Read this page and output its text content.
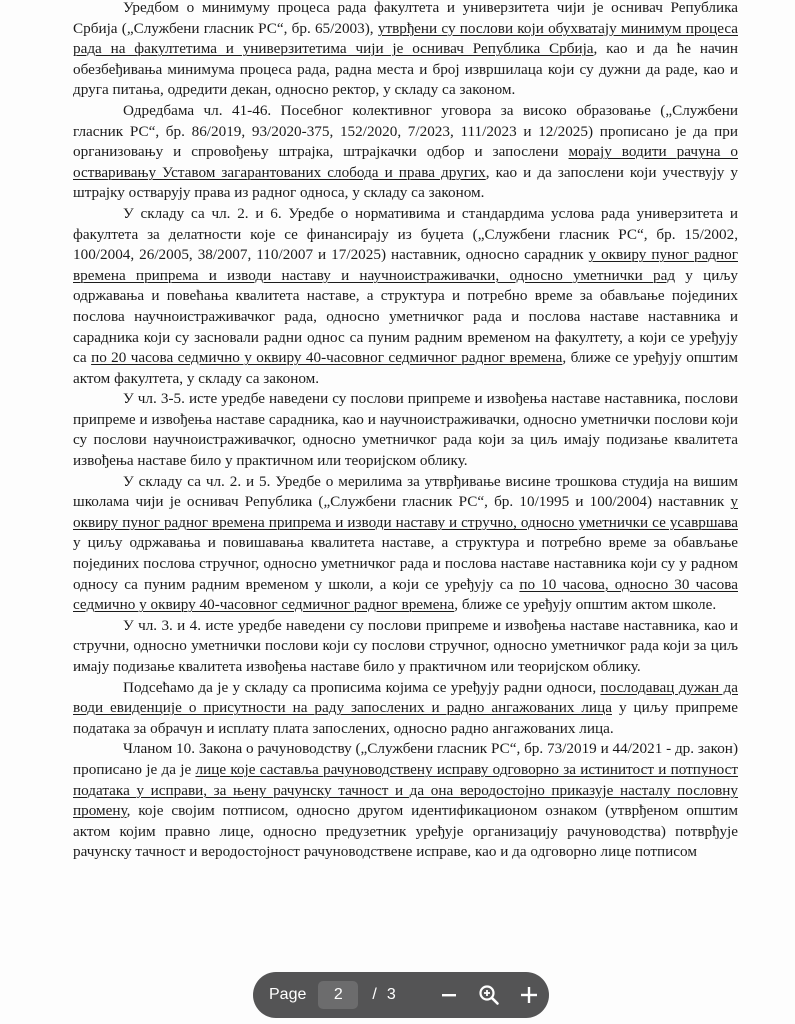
Уредбом о минимуму процеса рада факултета и универзитета чији је оснивач Република Србија („Службени гласник РС“, бр. 65/2003), утврђени су послови који обухватају минимум процеса рада на факултетима и универзитетима чији је оснивач Република Србија, као и да ће начин обезбеђивања минимума процеса рада, радна места и број извршилаца који су дужни да раде, као и друга питања, одредити декан, односно ректор, у складу са законом.

Одредбама чл. 41-46. Посебног колективног уговора за високо образовање („Службени гласник РС“, бр. 86/2019, 93/2020-375, 152/2020, 7/2023, 111/2023 и 12/2025) прописано је да при организовању и спровођењу штрајка, штрајкачки одбор и запослени морају водити рачуна о остваривању Уставом загарантованих слобода и права других, као и да запослени који учествују у штрајку остварују права из радног односа, у складу са законом.

У складу са чл. 2. и 6. Уредбе о нормативима и стандардима услова рада универзитета и факултета за делатности које се финансирају из буџета („Службени гласник РС“, бр. 15/2002, 100/2004, 26/2005, 38/2007, 110/2007 и 17/2025) наставник, односно сарадник у оквиру пуног радног времена припрема и изводи наставу и научноистраживачки, односно уметнички рад у циљу одржавања и повећања квалитета наставе, а структура и потребно време за обављање појединих послова научноистраживачког рада, односно уметничког рада и послова наставе наставника и сарадника који су засновали радни однос са пуним радним временом на факултету, а који се уређују са по 20 часова седмично у оквиру 40-часовног седмичног радног времена, ближе се уређују општим актом факултета, у складу са законом.

У чл. 3-5. исте уредбе наведени су послови припреме и извођења наставе наставника, послови припреме и извођења наставе сарадника, као и научноистраживачки, односно уметнички послови који су послови научноистраживачког, односно уметничког рада који за циљ имају подизање квалитета извођења наставе било у практичном или теоријском облику.

У складу са чл. 2. и 5. Уредбе о мерилима за утврђивање висине трошкова студија на вишим школама чији је оснивач Република („Службени гласник РС“, бр. 10/1995 и 100/2004) наставник у оквиру пуног радног времена припрема и изводи наставу и стручно, односно уметнички се усавршава у циљу одржавања и повишавања квалитета наставе, а структура и потребно време за обављање појединих послова стручног, односно уметничког рада и послова наставе наставника који су у радном односу са пуним радним временом у школи, а који се уређују са по 10 часова, односно 30 часова седмично у оквиру 40-часовног седмичног радног времена, ближе се уређују општим актом школе.

У чл. 3. и 4. исте уредбе наведени су послови припреме и извођења наставе наставника, као и стручни, односно уметнички послови који су послови стручног, односно уметничког рада који за циљ имају подизање квалитета извођења наставе било у практичном или теоријском облику.

Подсећамо да је у складу са прописима којима се уређују радни односи, послодавац дужан да води евиденције о присутности на раду запослених и радно ангажованих лица у циљу припреме података за обрачун и исплату плата запослених, односно радно ангажованих лица.

Чланом 10. Закона о рачуноводству („Службени гласник РС“, бр. 73/2019 и 44/2021 - др. закон) прописано је да је лице које саставља рачуноводствену исправу одговорно за истинитост и потпуност података у исправи, за њену рачунску тачност и да она веродостојно приказује насталу пословну промену, које својим потписом, односно другом идентификационом ознаком (утврђеном општим актом којим правно лице, односно предузетник уређује организацију рачуноводства) потврђује рачунску тачност и веродостојност рачуноводствене исправе, као и да одговорно лице потписом

Page
2	/ 3
